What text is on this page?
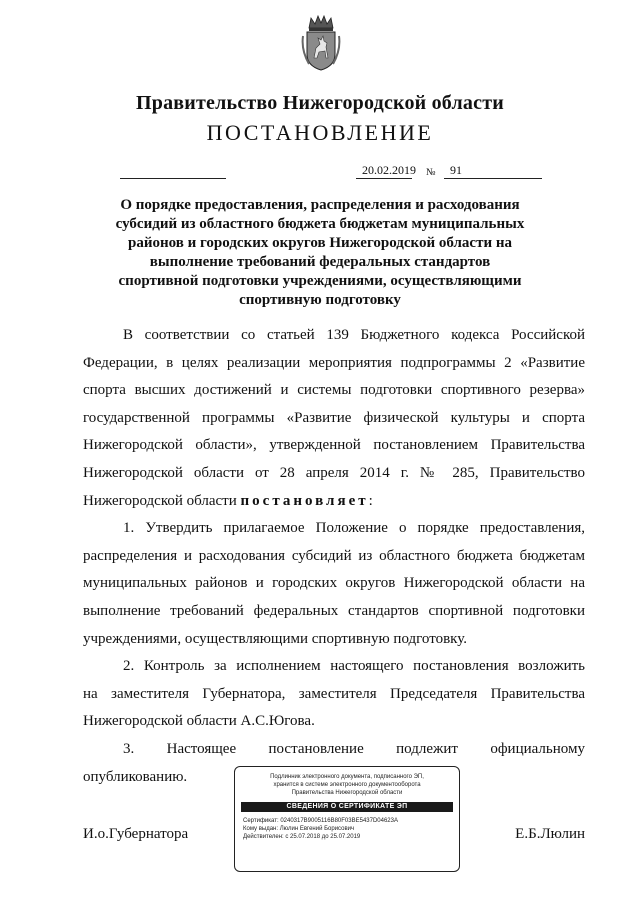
Правительство Нижегородской области
ПОСТАНОВЛЕНИЕ
20.02.2019 № 91
О порядке предоставления, распределения и расходования
субсидий из областного бюджета бюджетам муниципальных
районов и городских округов Нижегородской области на
выполнение требований федеральных стандартов
спортивной подготовки учреждениями, осуществляющими
спортивную подготовку
В соответствии со статьей 139 Бюджетного кодекса Российской
Федерации, в целях реализации мероприятия подпрограммы 2 «Развитие
спорта высших достижений и системы подготовки спортивного резерва»
государственной программы «Развитие физической культуры и спорта
Нижегородской области», утвержденной постановлением Правительства
Нижегородской области от 28 апреля 2014 г. № 285, Правительство
Нижегородской области постановляет:
1. Утвердить прилагаемое Положение о порядке предоставления,
распределения и расходования субсидий из областного бюджета бюджетам
муниципальных районов и городских округов Нижегородской области на
выполнение требований федеральных стандартов спортивной подготовки
учреждениями, осуществляющими спортивную подготовку.
2. Контроль за исполнением настоящего постановления возложить
на заместителя Губернатора, заместителя Председателя Правительства
Нижегородской области А.С.Югова.
3. Настоящее постановление подлежит официальному
опубликованию.
И.о.Губернатора	Е.Б.Люлин
Подлинник электронного документа, подписанного ЭП,
хранится в системе электронного документооборота
Правительства Нижегородской области
СВЕДЕНИЯ О СЕРТИФИКАТЕ ЭП
Сертификат: 0240317B9005116B80F03BE5437D04623A
Кому выдан: Люлин Евгений Борисович
Действителен: с 25.07.2018 до 25.07.2019
